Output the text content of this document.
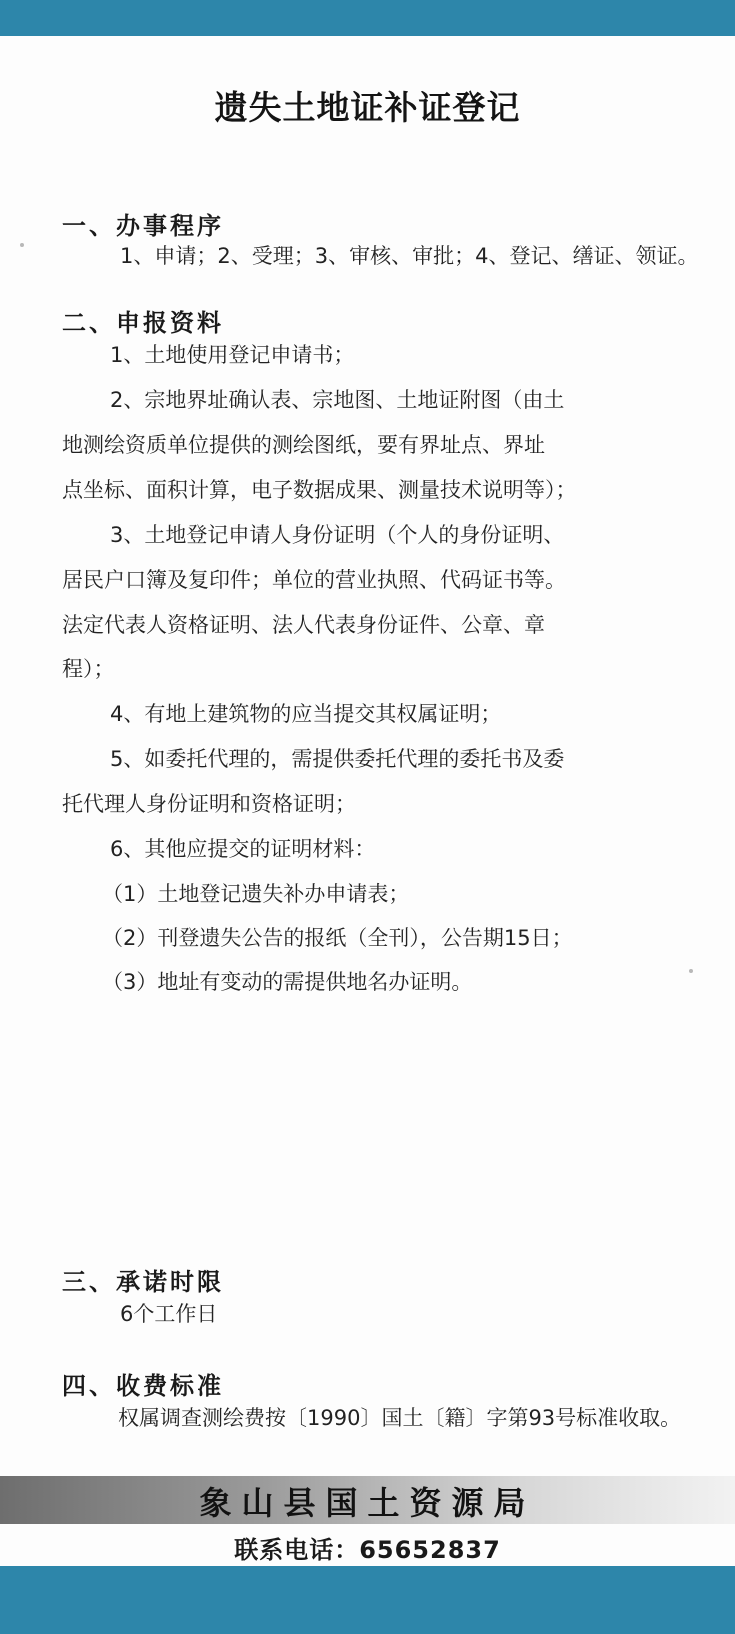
遗失土地证补证登记
一、办事程序
1、申请；2、受理；3、审核、审批；4、登记、缮证、领证。
二、申报资料
1、土地使用登记申请书；
2、宗地界址确认表、宗地图、土地证附图（由土
地测绘资质单位提供的测绘图纸，要有界址点、界址
点坐标、面积计算，电子数据成果、测量技术说明等）；
3、土地登记申请人身份证明（个人的身份证明、
居民户口簿及复印件；单位的营业执照、代码证书等。
法定代表人资格证明、法人代表身份证件、公章、章
程）；
4、有地上建筑物的应当提交其权属证明；
5、如委托代理的，需提供委托代理的委托书及委
托代理人身份证明和资格证明；
6、其他应提交的证明材料：
（1）土地登记遗失补办申请表；
（2）刊登遗失公告的报纸（全刊），公告期15日；
（3）地址有变动的需提供地名办证明。
三、承诺时限
6个工作日
四、收费标准
权属调查测绘费按〔1990〕国土〔籍〕字第93号标准收取。
象山县国土资源局
联系电话：65652837
